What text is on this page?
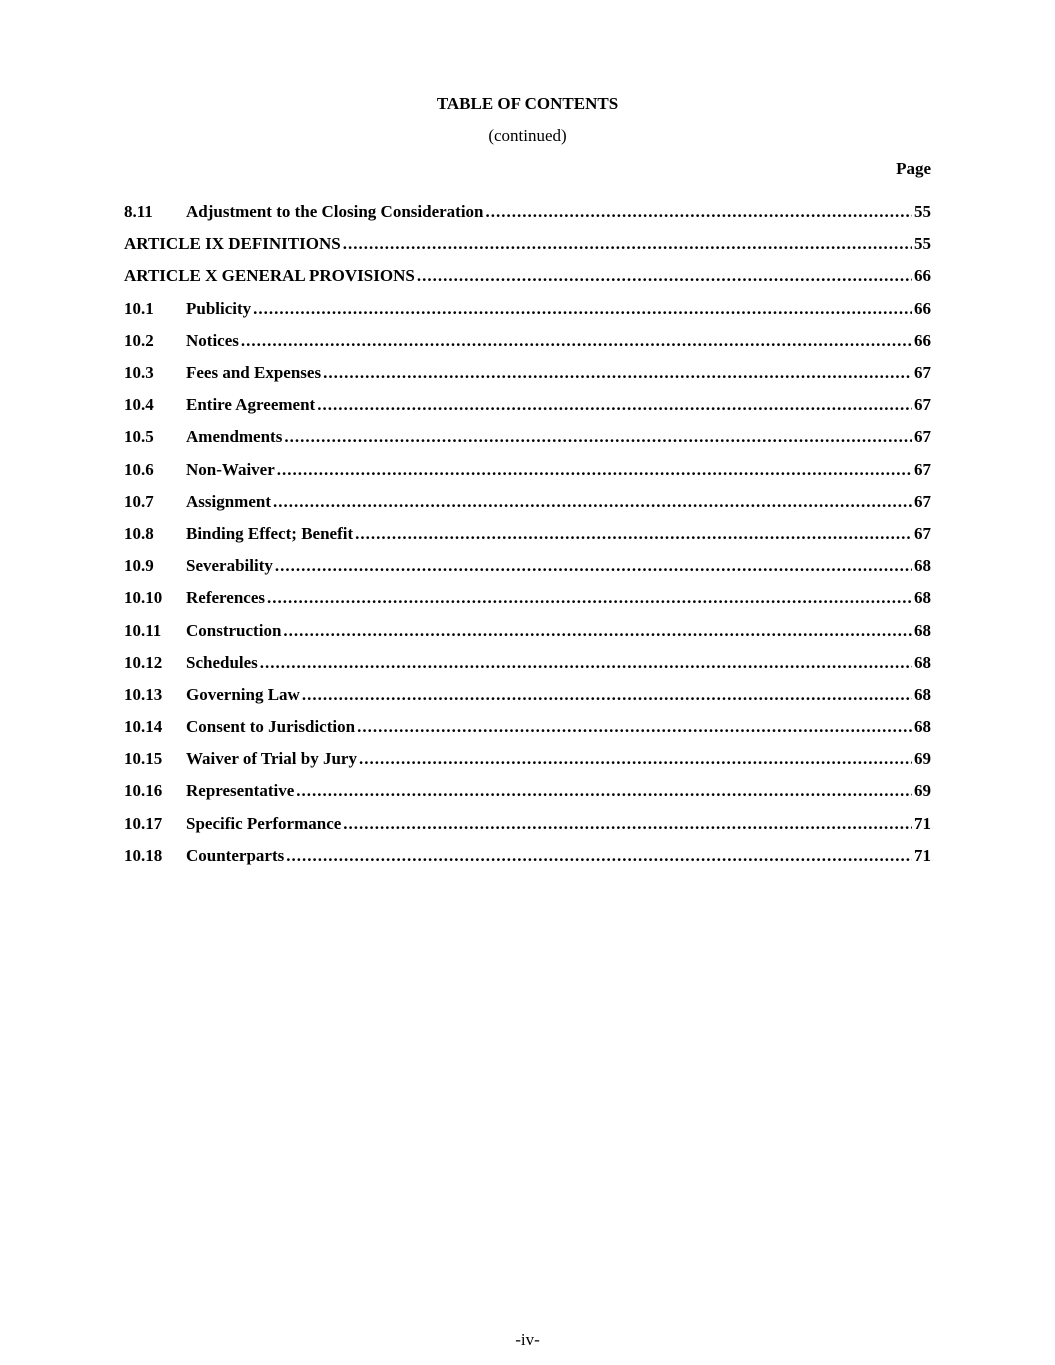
TABLE OF CONTENTS
(continued)
Page
8.11	Adjustment to the Closing Consideration .....	55
ARTICLE IX DEFINITIONS .....	55
ARTICLE X GENERAL PROVISIONS .....	66
10.1	Publicity .....	66
10.2	Notices .....	66
10.3	Fees and Expenses .....	67
10.4	Entire Agreement .....	67
10.5	Amendments .....	67
10.6	Non-Waiver .....	67
10.7	Assignment .....	67
10.8	Binding Effect; Benefit .....	67
10.9	Severability .....	68
10.10	References .....	68
10.11	Construction .....	68
10.12	Schedules .....	68
10.13	Governing Law .....	68
10.14	Consent to Jurisdiction .....	68
10.15	Waiver of Trial by Jury .....	69
10.16	Representative .....	69
10.17	Specific Performance .....	71
10.18	Counterparts .....	71
-iv-
